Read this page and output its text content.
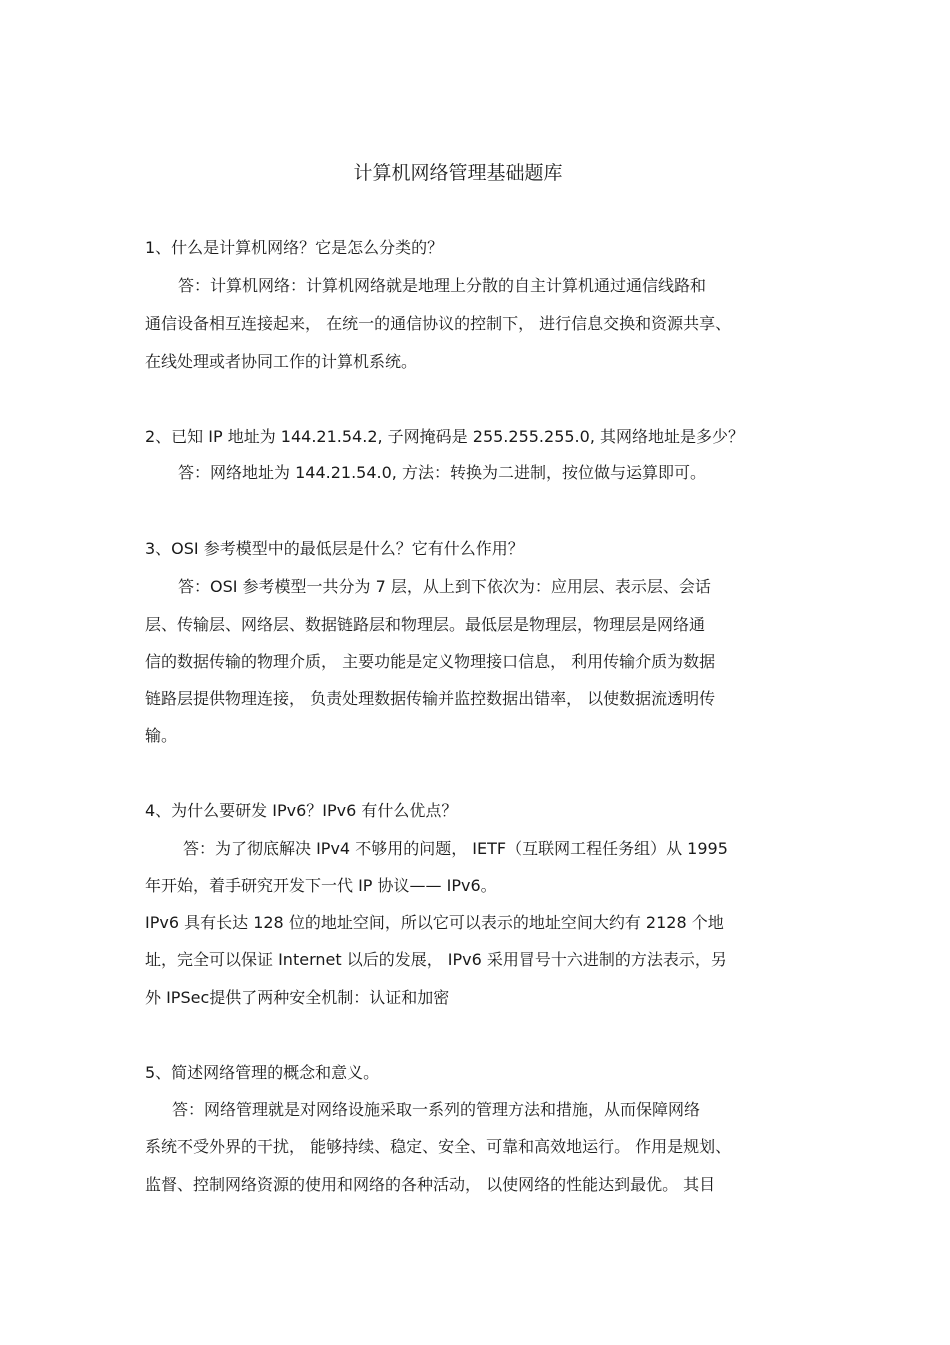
计算机网络管理基础题库
1、什么是计算机网络？它是怎么分类的？
答：计算机网络：计算机网络就是地理上分散的自主计算机通过通信线路和
通信设备相互连接起来， 在统一的通信协议的控制下， 进行信息交换和资源共享、
在线处理或者协同工作的计算机系统。
2、已知 IP 地址为 144.21.54.2, 子网掩码是 255.255.255.0, 其网络地址是多少？
答：网络地址为 144.21.54.0, 方法：转换为二进制，按位做与运算即可。
3、OSI 参考模型中的最低层是什么？它有什么作用？
答：OSI 参考模型一共分为 7 层，从上到下依次为：应用层、表示层、会话
层、传输层、网络层、数据链路层和物理层。最低层是物理层，物理层是网络通
信的数据传输的物理介质， 主要功能是定义物理接口信息， 利用传输介质为数据
链路层提供物理连接， 负责处理数据传输并监控数据出错率， 以使数据流透明传
输。
4、为什么要研发 IPv6？IPv6 有什么优点？
答：为了彻底解决 IPv4 不够用的问题， IETF（互联网工程任务组）从 1995
年开始，着手研究开发下一代 IP 协议—— IPv6。
IPv6 具有长达 128 位的地址空间，所以它可以表示的地址空间大约有 2128 个地
址，完全可以保证 Internet 以后的发展， IPv6 采用冒号十六进制的方法表示，另
外 IPSec提供了两种安全机制：认证和加密
5、简述网络管理的概念和意义。
答：网络管理就是对网络设施采取一系列的管理方法和措施，从而保障网络
系统不受外界的干扰， 能够持续、稳定、安全、可靠和高效地运行。 作用是规划、
监督、控制网络资源的使用和网络的各种活动， 以使网络的性能达到最优。 其目
